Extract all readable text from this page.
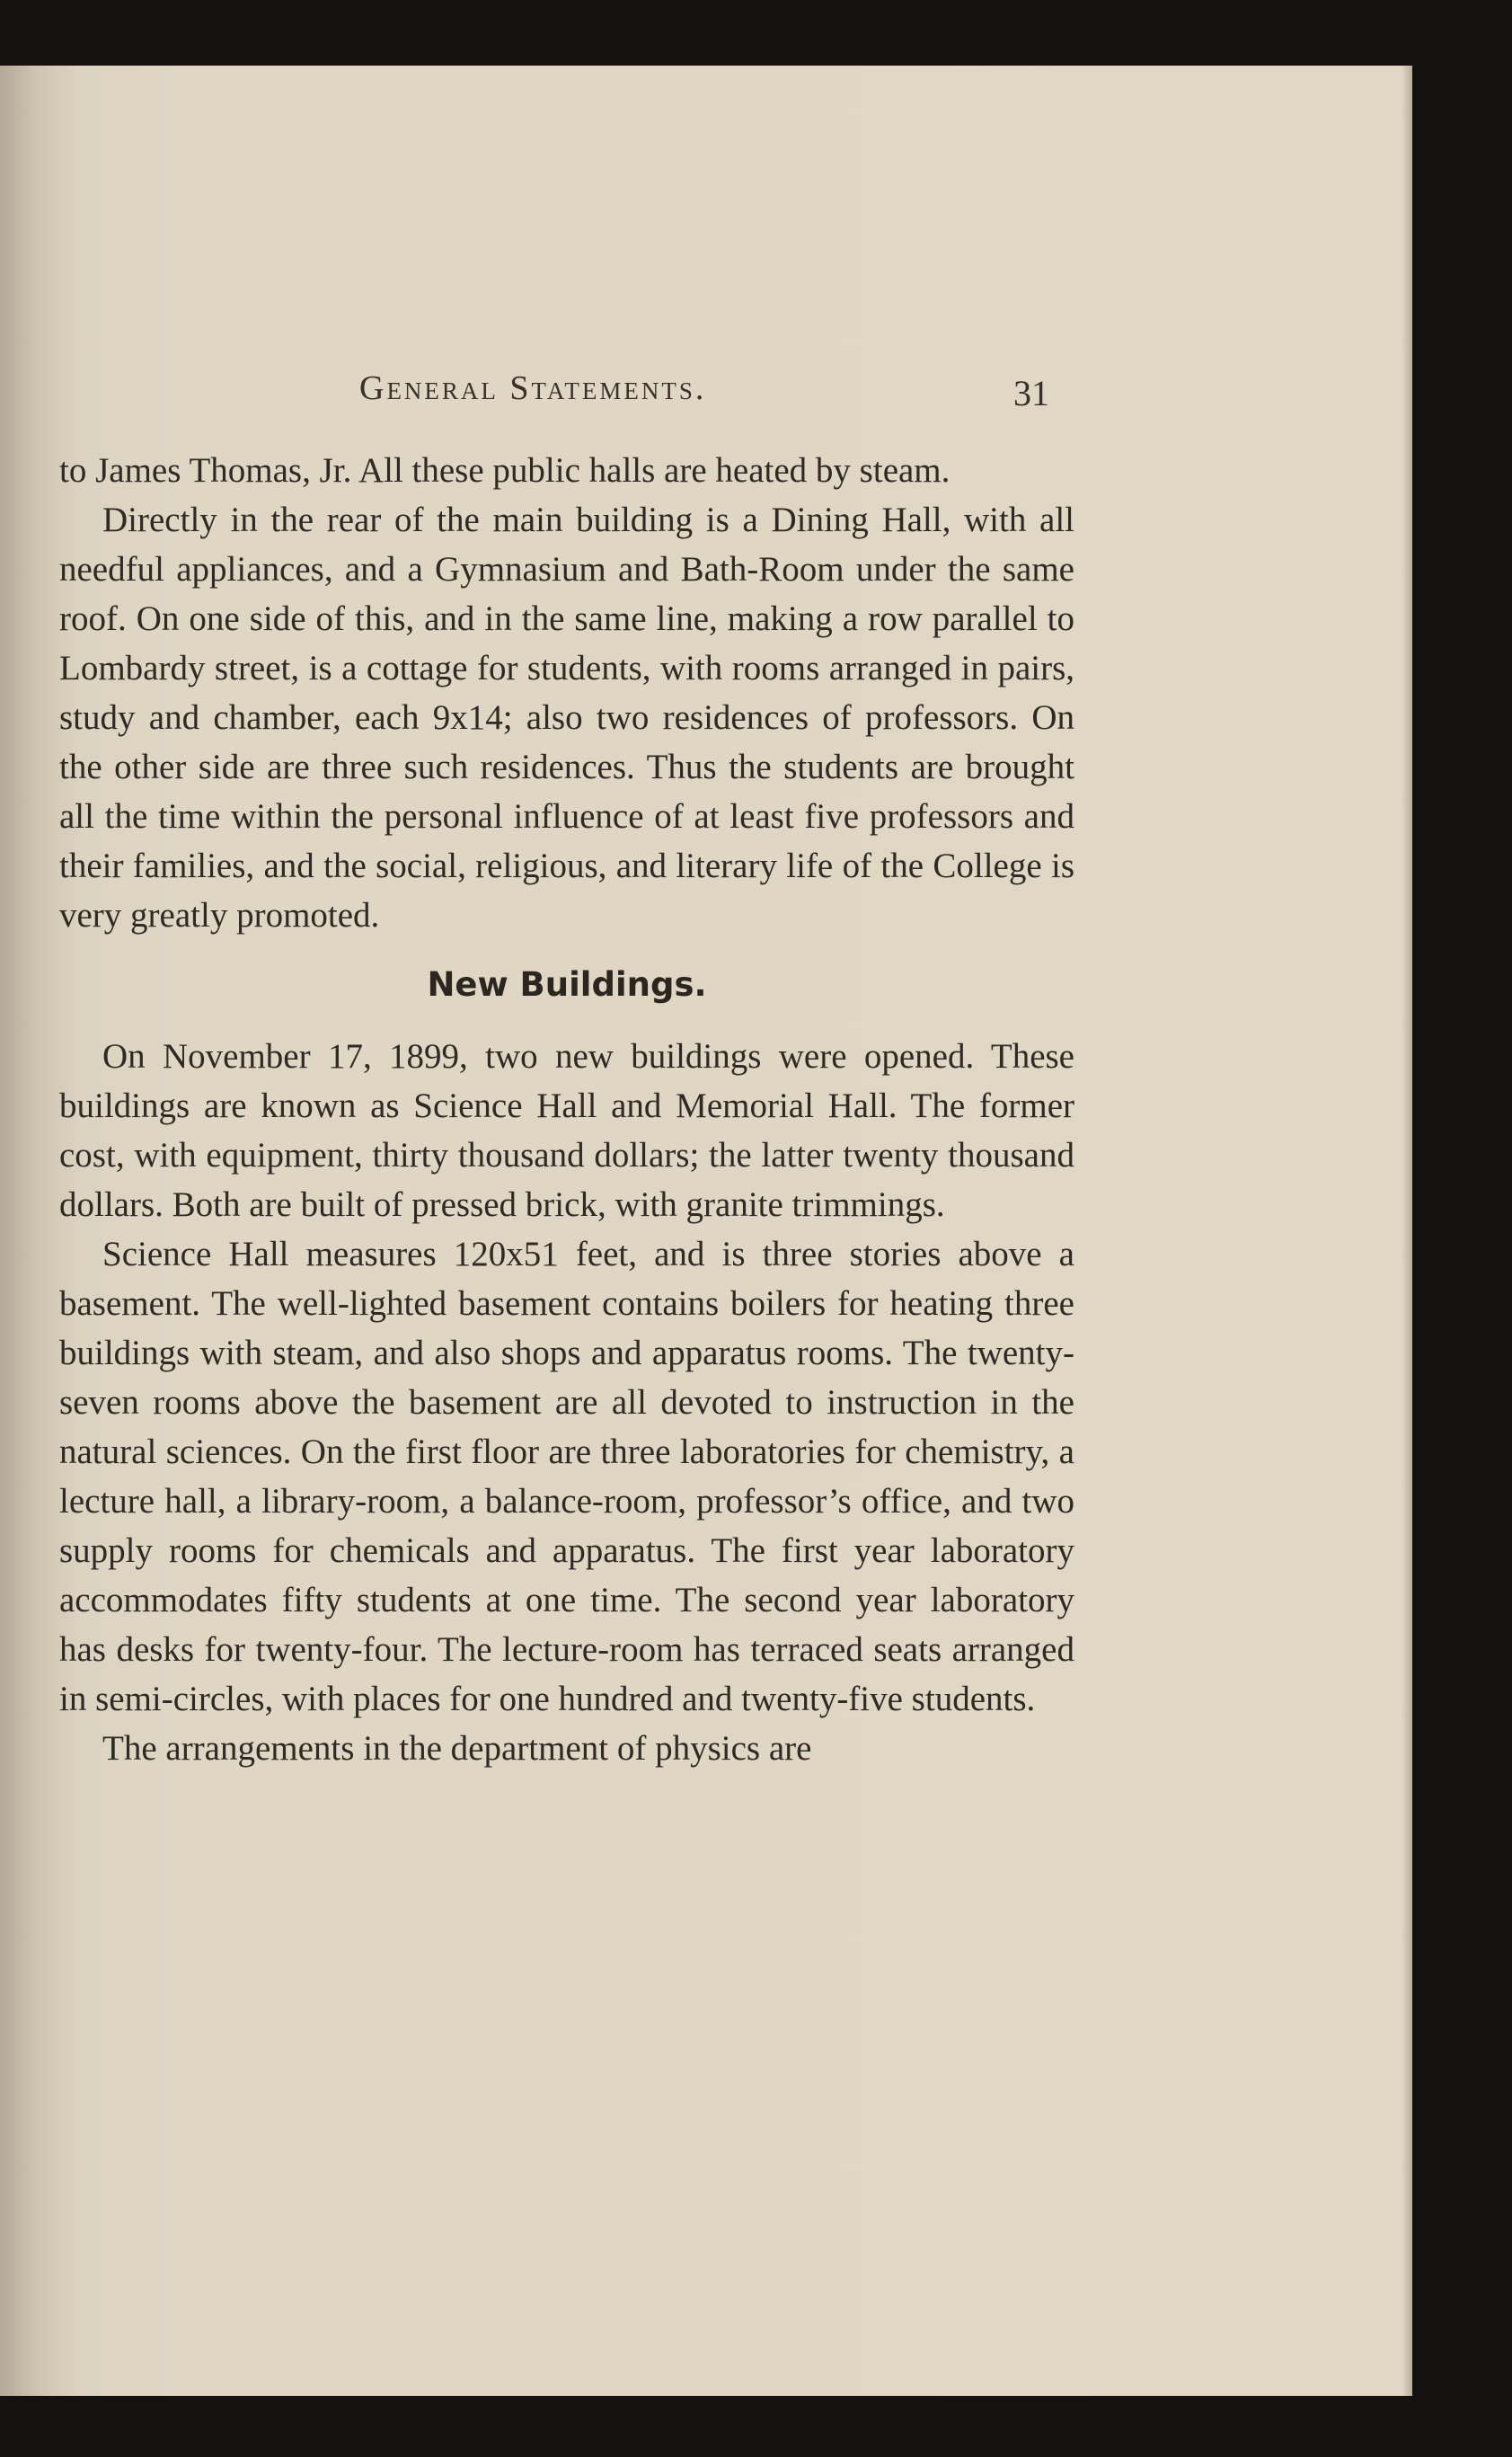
General Statements.	31

to James Thomas, Jr. All these public halls are heated by steam.

Directly in the rear of the main building is a Dining Hall, with all needful appliances, and a Gymnasium and Bath-Room under the same roof. On one side of this, and in the same line, making a row parallel to Lombardy street, is a cottage for students, with rooms arranged in pairs, study and chamber, each 9x14; also two residences of professors. On the other side are three such residences. Thus the students are brought all the time within the personal influence of at least five professors and their families, and the social, religious, and literary life of the College is very greatly promoted.

New Buildings.

On November 17, 1899, two new buildings were opened. These buildings are known as Science Hall and Memorial Hall. The former cost, with equipment, thirty thousand dollars; the latter twenty thousand dollars. Both are built of pressed brick, with granite trimmings.

Science Hall measures 120x51 feet, and is three stories above a basement. The well-lighted basement contains boilers for heating three buildings with steam, and also shops and apparatus rooms. The twenty-seven rooms above the basement are all devoted to instruction in the natural sciences. On the first floor are three laboratories for chemistry, a lecture hall, a library-room, a balance-room, professor’s office, and two supply rooms for chemicals and apparatus. The first year laboratory accommodates fifty students at one time. The second year laboratory has desks for twenty-four. The lecture-room has terraced seats arranged in semi-circles, with places for one hundred and twenty-five students.

The arrangements in the department of physics are
